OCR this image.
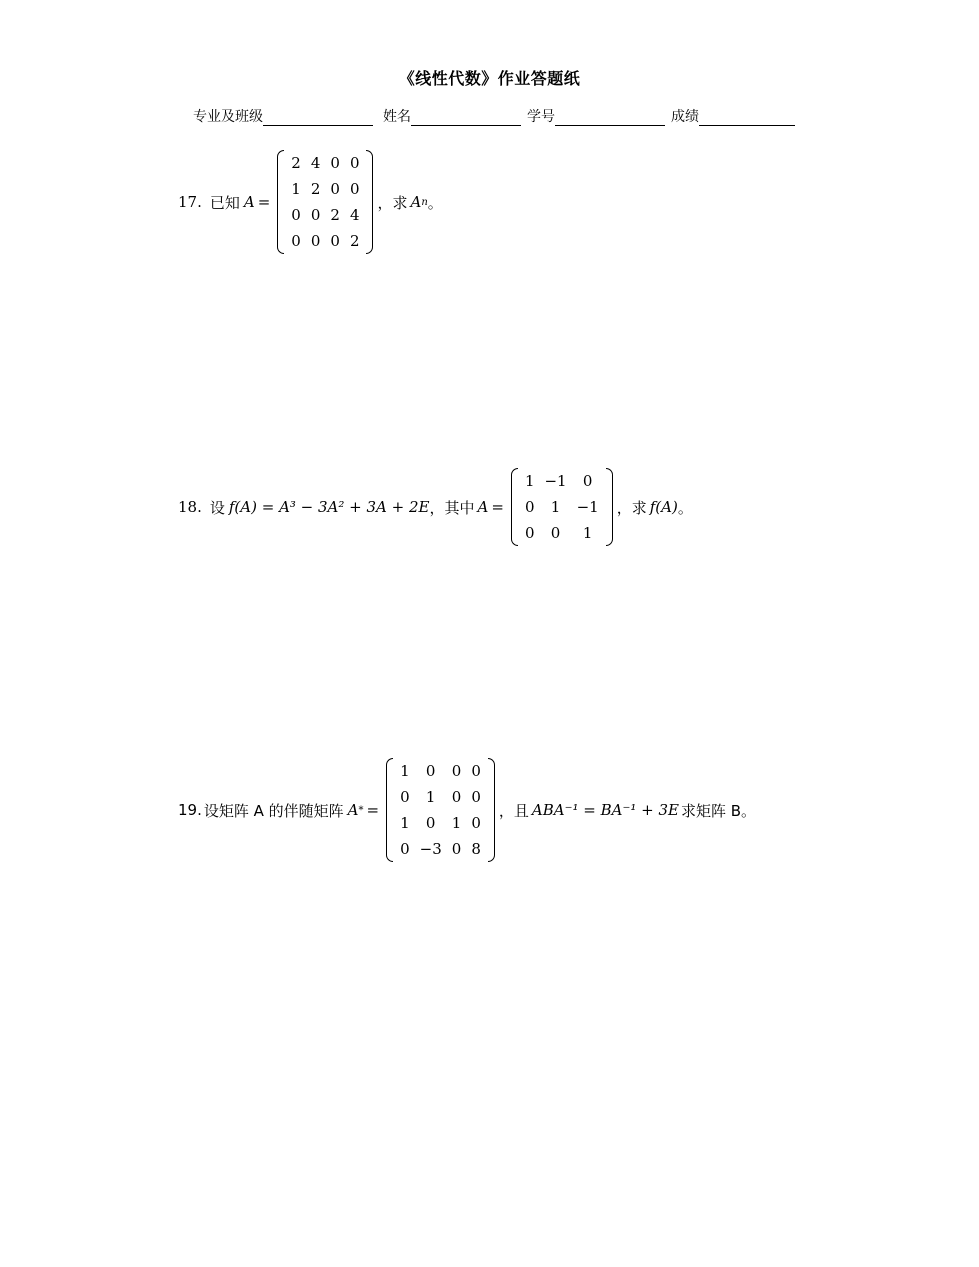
《线性代数》作业答题纸
专业及班级	姓名	学号	成绩
17. 已知 A =
2	4	0	0
1	2	0	0
0	0	2	4
0	0	0	2
，求 A n 。
18. 设 f(A) = A³ − 3A² + 3A + 2E ，其中 A =
1	−1	0
0	1	−1
0	0	1
，求 f(A) 。
19. 设矩阵 A 的伴随矩阵 A * =
1	0	0	0
0	1	0	0
1	0	1	0
0	−3	0	8
，且 ABA⁻¹ = BA⁻¹ + 3E 求矩阵 B。
